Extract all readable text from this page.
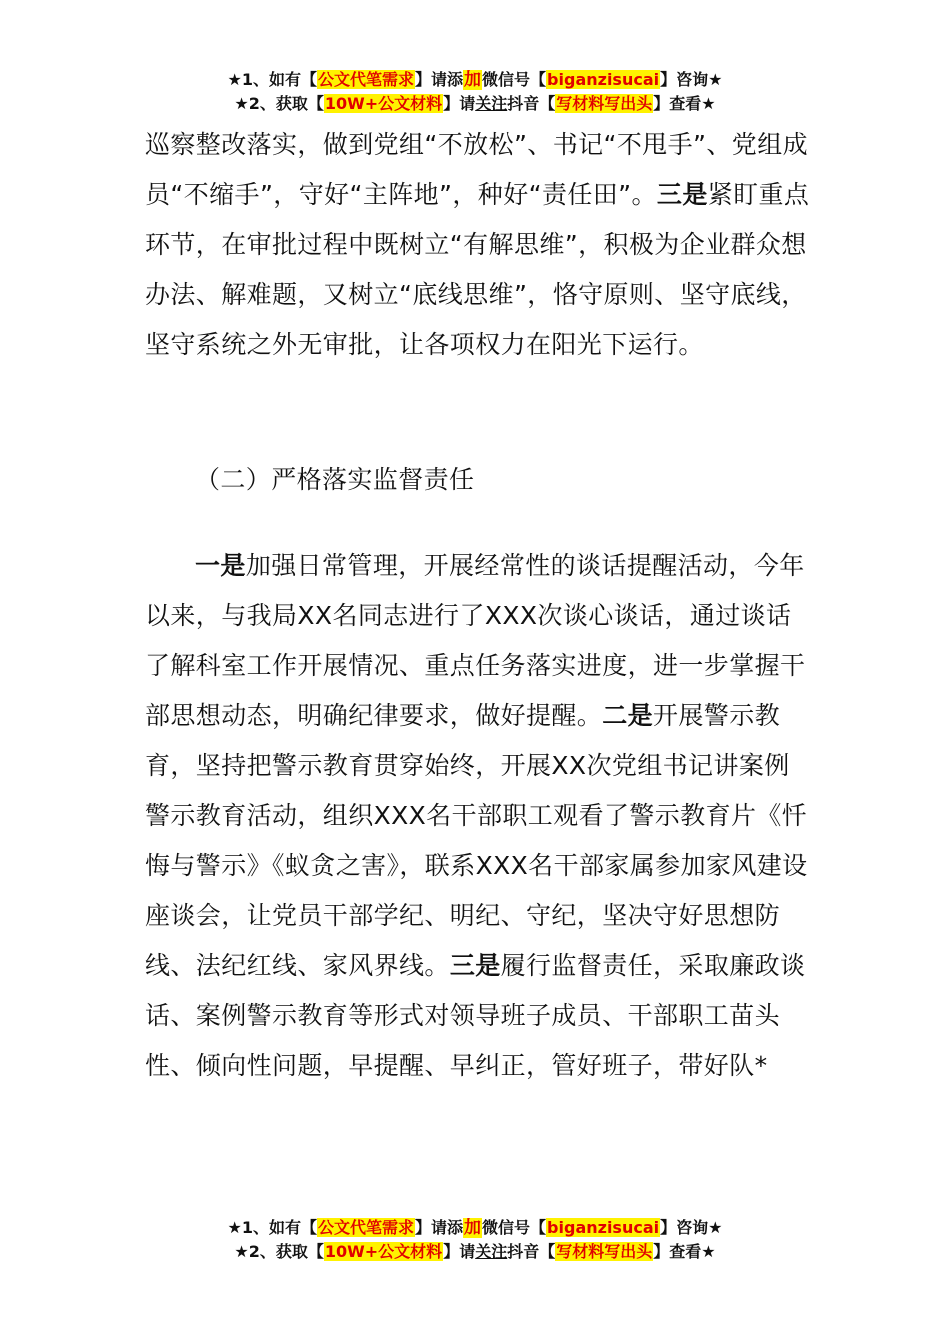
★1、如有【公文代笔需求】请添加微信号【biganzisucai】咨询★
★2、获取【10W+公文材料】请关注抖音【写材料写出头】查看★

巡察整改落实，做到党组“不放松”、书记“不甩手”、党组成员“不缩手”，守好“主阵地”，种好“责任田”。三是紧盯重点环节，在审批过程中既树立“有解思维”，积极为企业群众想办法、解难题，又树立“底线思维”，恪守原则、坚守底线，坚守系统之外无审批，让各项权力在阳光下运行。

（二）严格落实监督责任

一是加强日常管理，开展经常性的谈话提醒活动，今年以来，与我局XX名同志进行了XXX次谈心谈话，通过谈话了解科室工作开展情况、重点任务落实进度，进一步掌握干部思想动态，明确纪律要求，做好提醒。二是开展警示教育，坚持把警示教育贯穿始终，开展XX次党组书记讲案例警示教育活动，组织XXX名干部职工观看了警示教育片《忏悔与警示》《蚁贪之害》，联系XXX名干部家属参加家风建设座谈会，让党员干部学纪、明纪、守纪，坚决守好思想防线、法纪红线、家风界线。三是履行监督责任，采取廉政谈话、案例警示教育等形式对领导班子成员、干部职工苗头性、倾向性问题，早提醒、早纠正，管好班子，带好队*

★1、如有【公文代笔需求】请添加微信号【biganzisucai】咨询★
★2、获取【10W+公文材料】请关注抖音【写材料写出头】查看★
